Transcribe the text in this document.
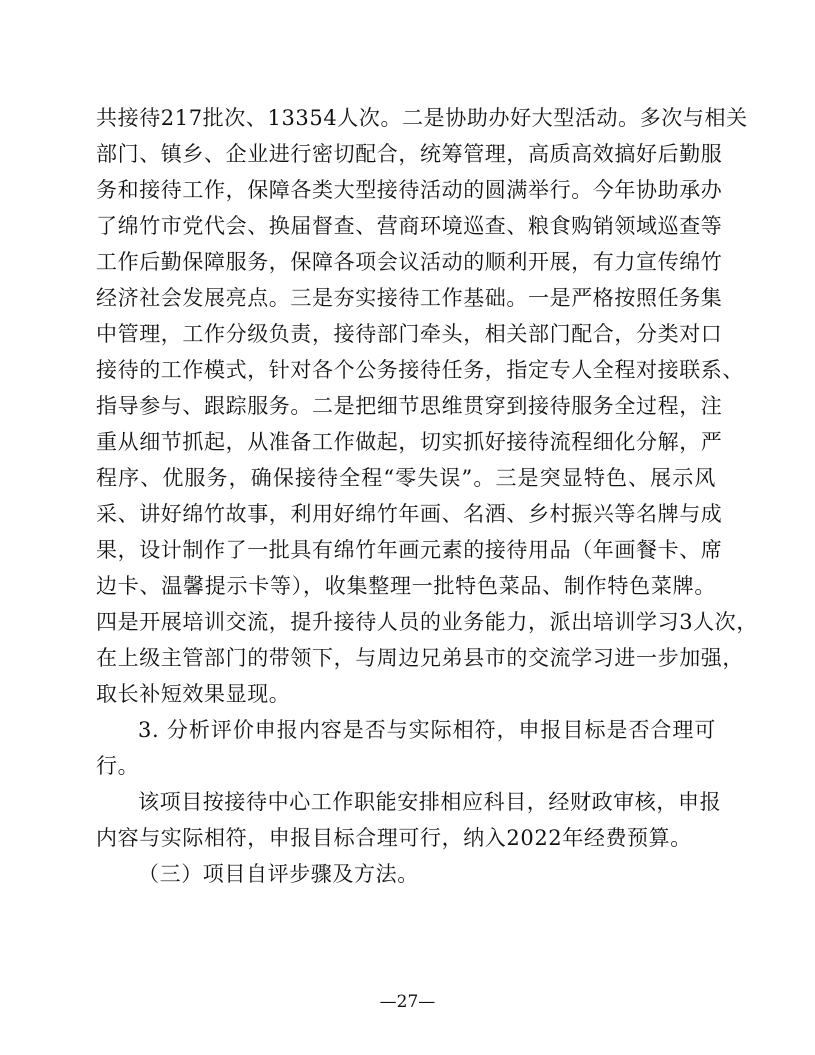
共接待217批次、13354人次。二是协助办好大型活动。多次与相关
部门、镇乡、企业进行密切配合，统筹管理，高质高效搞好后勤服
务和接待工作，保障各类大型接待活动的圆满举行。今年协助承办
了绵竹市党代会、换届督查、营商环境巡查、粮食购销领域巡查等
工作后勤保障服务，保障各项会议活动的顺利开展，有力宣传绵竹
经济社会发展亮点。三是夯实接待工作基础。一是严格按照任务集
中管理，工作分级负责，接待部门牵头，相关部门配合，分类对口
接待的工作模式，针对各个公务接待任务，指定专人全程对接联系、
指导参与、跟踪服务。二是把细节思维贯穿到接待服务全过程，注
重从细节抓起，从准备工作做起，切实抓好接待流程细化分解，严
程序、优服务，确保接待全程“零失误”。三是突显特色、展示风
采、讲好绵竹故事，利用好绵竹年画、名酒、乡村振兴等名牌与成
果，设计制作了一批具有绵竹年画元素的接待用品（年画餐卡、席
边卡、温馨提示卡等），收集整理一批特色菜品、制作特色菜牌。
四是开展培训交流，提升接待人员的业务能力，派出培训学习3人次，
在上级主管部门的带领下，与周边兄弟县市的交流学习进一步加强，
取长补短效果显现。
3. 分析评价申报内容是否与实际相符，申报目标是否合理可
行。
该项目按接待中心工作职能安排相应科目，经财政审核，申报
内容与实际相符，申报目标合理可行，纳入2022年经费预算。
（三）项目自评步骤及方法。
—27—
